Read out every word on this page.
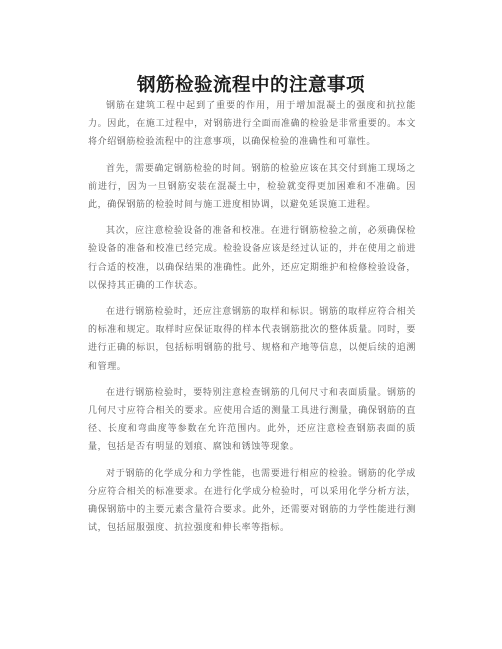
钢筋检验流程中的注意事项

钢筋在建筑工程中起到了重要的作用，用于增加混凝土的强度和抗拉能力。因此，在施工过程中，对钢筋进行全面而准确的检验是非常重要的。本文将介绍钢筋检验流程中的注意事项，以确保检验的准确性和可靠性。

首先，需要确定钢筋检验的时间。钢筋的检验应该在其交付到施工现场之前进行，因为一旦钢筋安装在混凝土中，检验就变得更加困难和不准确。因此，确保钢筋的检验时间与施工进度相协调，以避免延误施工进程。

其次，应注意检验设备的准备和校准。在进行钢筋检验之前，必须确保检验设备的准备和校准已经完成。检验设备应该是经过认证的，并在使用之前进行合适的校准，以确保结果的准确性。此外，还应定期维护和检修检验设备，以保持其正确的工作状态。

在进行钢筋检验时，还应注意钢筋的取样和标识。钢筋的取样应符合相关的标准和规定。取样时应保证取得的样本代表钢筋批次的整体质量。同时，要进行正确的标识，包括标明钢筋的批号、规格和产地等信息，以便后续的追溯和管理。

在进行钢筋检验时，要特别注意检查钢筋的几何尺寸和表面质量。钢筋的几何尺寸应符合相关的要求。应使用合适的测量工具进行测量，确保钢筋的直径、长度和弯曲度等参数在允许范围内。此外，还应注意检查钢筋表面的质量，包括是否有明显的划痕、腐蚀和锈蚀等现象。

对于钢筋的化学成分和力学性能，也需要进行相应的检验。钢筋的化学成分应符合相关的标准要求。在进行化学成分检验时，可以采用化学分析方法，确保钢筋中的主要元素含量符合要求。此外，还需要对钢筋的力学性能进行测试，包括屈服强度、抗拉强度和伸长率等指标。
